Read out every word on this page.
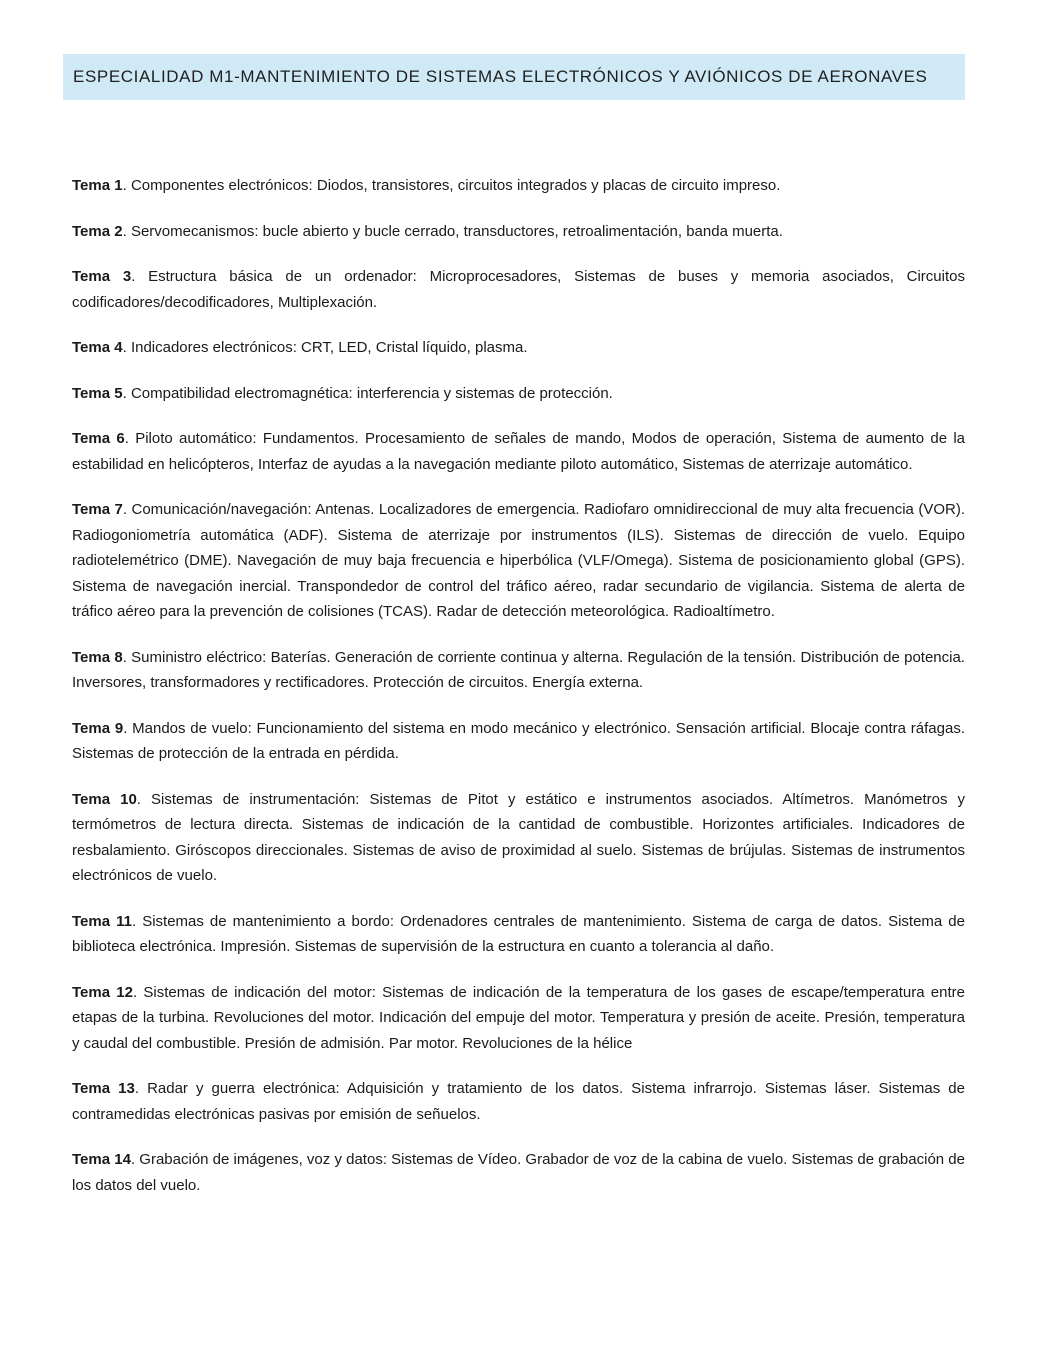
ESPECIALIDAD M1-MANTENIMIENTO DE SISTEMAS ELECTRÓNICOS Y AVIÓNICOS DE AERONAVES

Tema 1. Componentes electrónicos: Diodos, transistores, circuitos integrados y placas de circuito impreso.

Tema 2. Servomecanismos: bucle abierto y bucle cerrado, transductores, retroalimentación, banda muerta.

Tema 3. Estructura básica de un ordenador: Microprocesadores, Sistemas de buses y memoria asociados, Circuitos codificadores/decodificadores, Multiplexación.

Tema 4. Indicadores electrónicos: CRT, LED, Cristal líquido, plasma.

Tema 5. Compatibilidad electromagnética: interferencia y sistemas de protección.

Tema 6. Piloto automático: Fundamentos. Procesamiento de señales de mando, Modos de operación, Sistema de aumento de la estabilidad en helicópteros, Interfaz de ayudas a la navegación mediante piloto automático, Sistemas de aterrizaje automático.

Tema 7. Comunicación/navegación: Antenas. Localizadores de emergencia. Radiofaro omnidireccional de muy alta frecuencia (VOR). Radiogoniometría automática (ADF). Sistema de aterrizaje por instrumentos (ILS). Sistemas de dirección de vuelo. Equipo radiotelemétrico (DME). Navegación de muy baja frecuencia e hiperbólica (VLF/Omega). Sistema de posicionamiento global (GPS). Sistema de navegación inercial. Transpondedor de control del tráfico aéreo, radar secundario de vigilancia. Sistema de alerta de tráfico aéreo para la prevención de colisiones (TCAS). Radar de detección meteorológica. Radioaltímetro.

Tema 8. Suministro eléctrico: Baterías. Generación de corriente continua y alterna. Regulación de la tensión. Distribución de potencia. Inversores, transformadores y rectificadores. Protección de circuitos. Energía externa.

Tema 9. Mandos de vuelo: Funcionamiento del sistema en modo mecánico y electrónico. Sensación artificial. Blocaje contra ráfagas. Sistemas de protección de la entrada en pérdida.

Tema 10. Sistemas de instrumentación: Sistemas de Pitot y estático e instrumentos asociados. Altímetros. Manómetros y termómetros de lectura directa. Sistemas de indicación de la cantidad de combustible. Horizontes artificiales. Indicadores de resbalamiento. Giróscopos direccionales. Sistemas de aviso de proximidad al suelo. Sistemas de brújulas. Sistemas de instrumentos electrónicos de vuelo.

Tema 11. Sistemas de mantenimiento a bordo: Ordenadores centrales de mantenimiento. Sistema de carga de datos. Sistema de biblioteca electrónica. Impresión. Sistemas de supervisión de la estructura en cuanto a tolerancia al daño.

Tema 12. Sistemas de indicación del motor: Sistemas de indicación de la temperatura de los gases de escape/temperatura entre etapas de la turbina. Revoluciones del motor. Indicación del empuje del motor. Temperatura y presión de aceite. Presión, temperatura y caudal del combustible. Presión de admisión. Par motor. Revoluciones de la hélice

Tema 13. Radar y guerra electrónica: Adquisición y tratamiento de los datos. Sistema infrarrojo. Sistemas láser. Sistemas de contramedidas electrónicas pasivas por emisión de señuelos.

Tema 14. Grabación de imágenes, voz y datos: Sistemas de Vídeo. Grabador de voz de la cabina de vuelo. Sistemas de grabación de los datos del vuelo.
